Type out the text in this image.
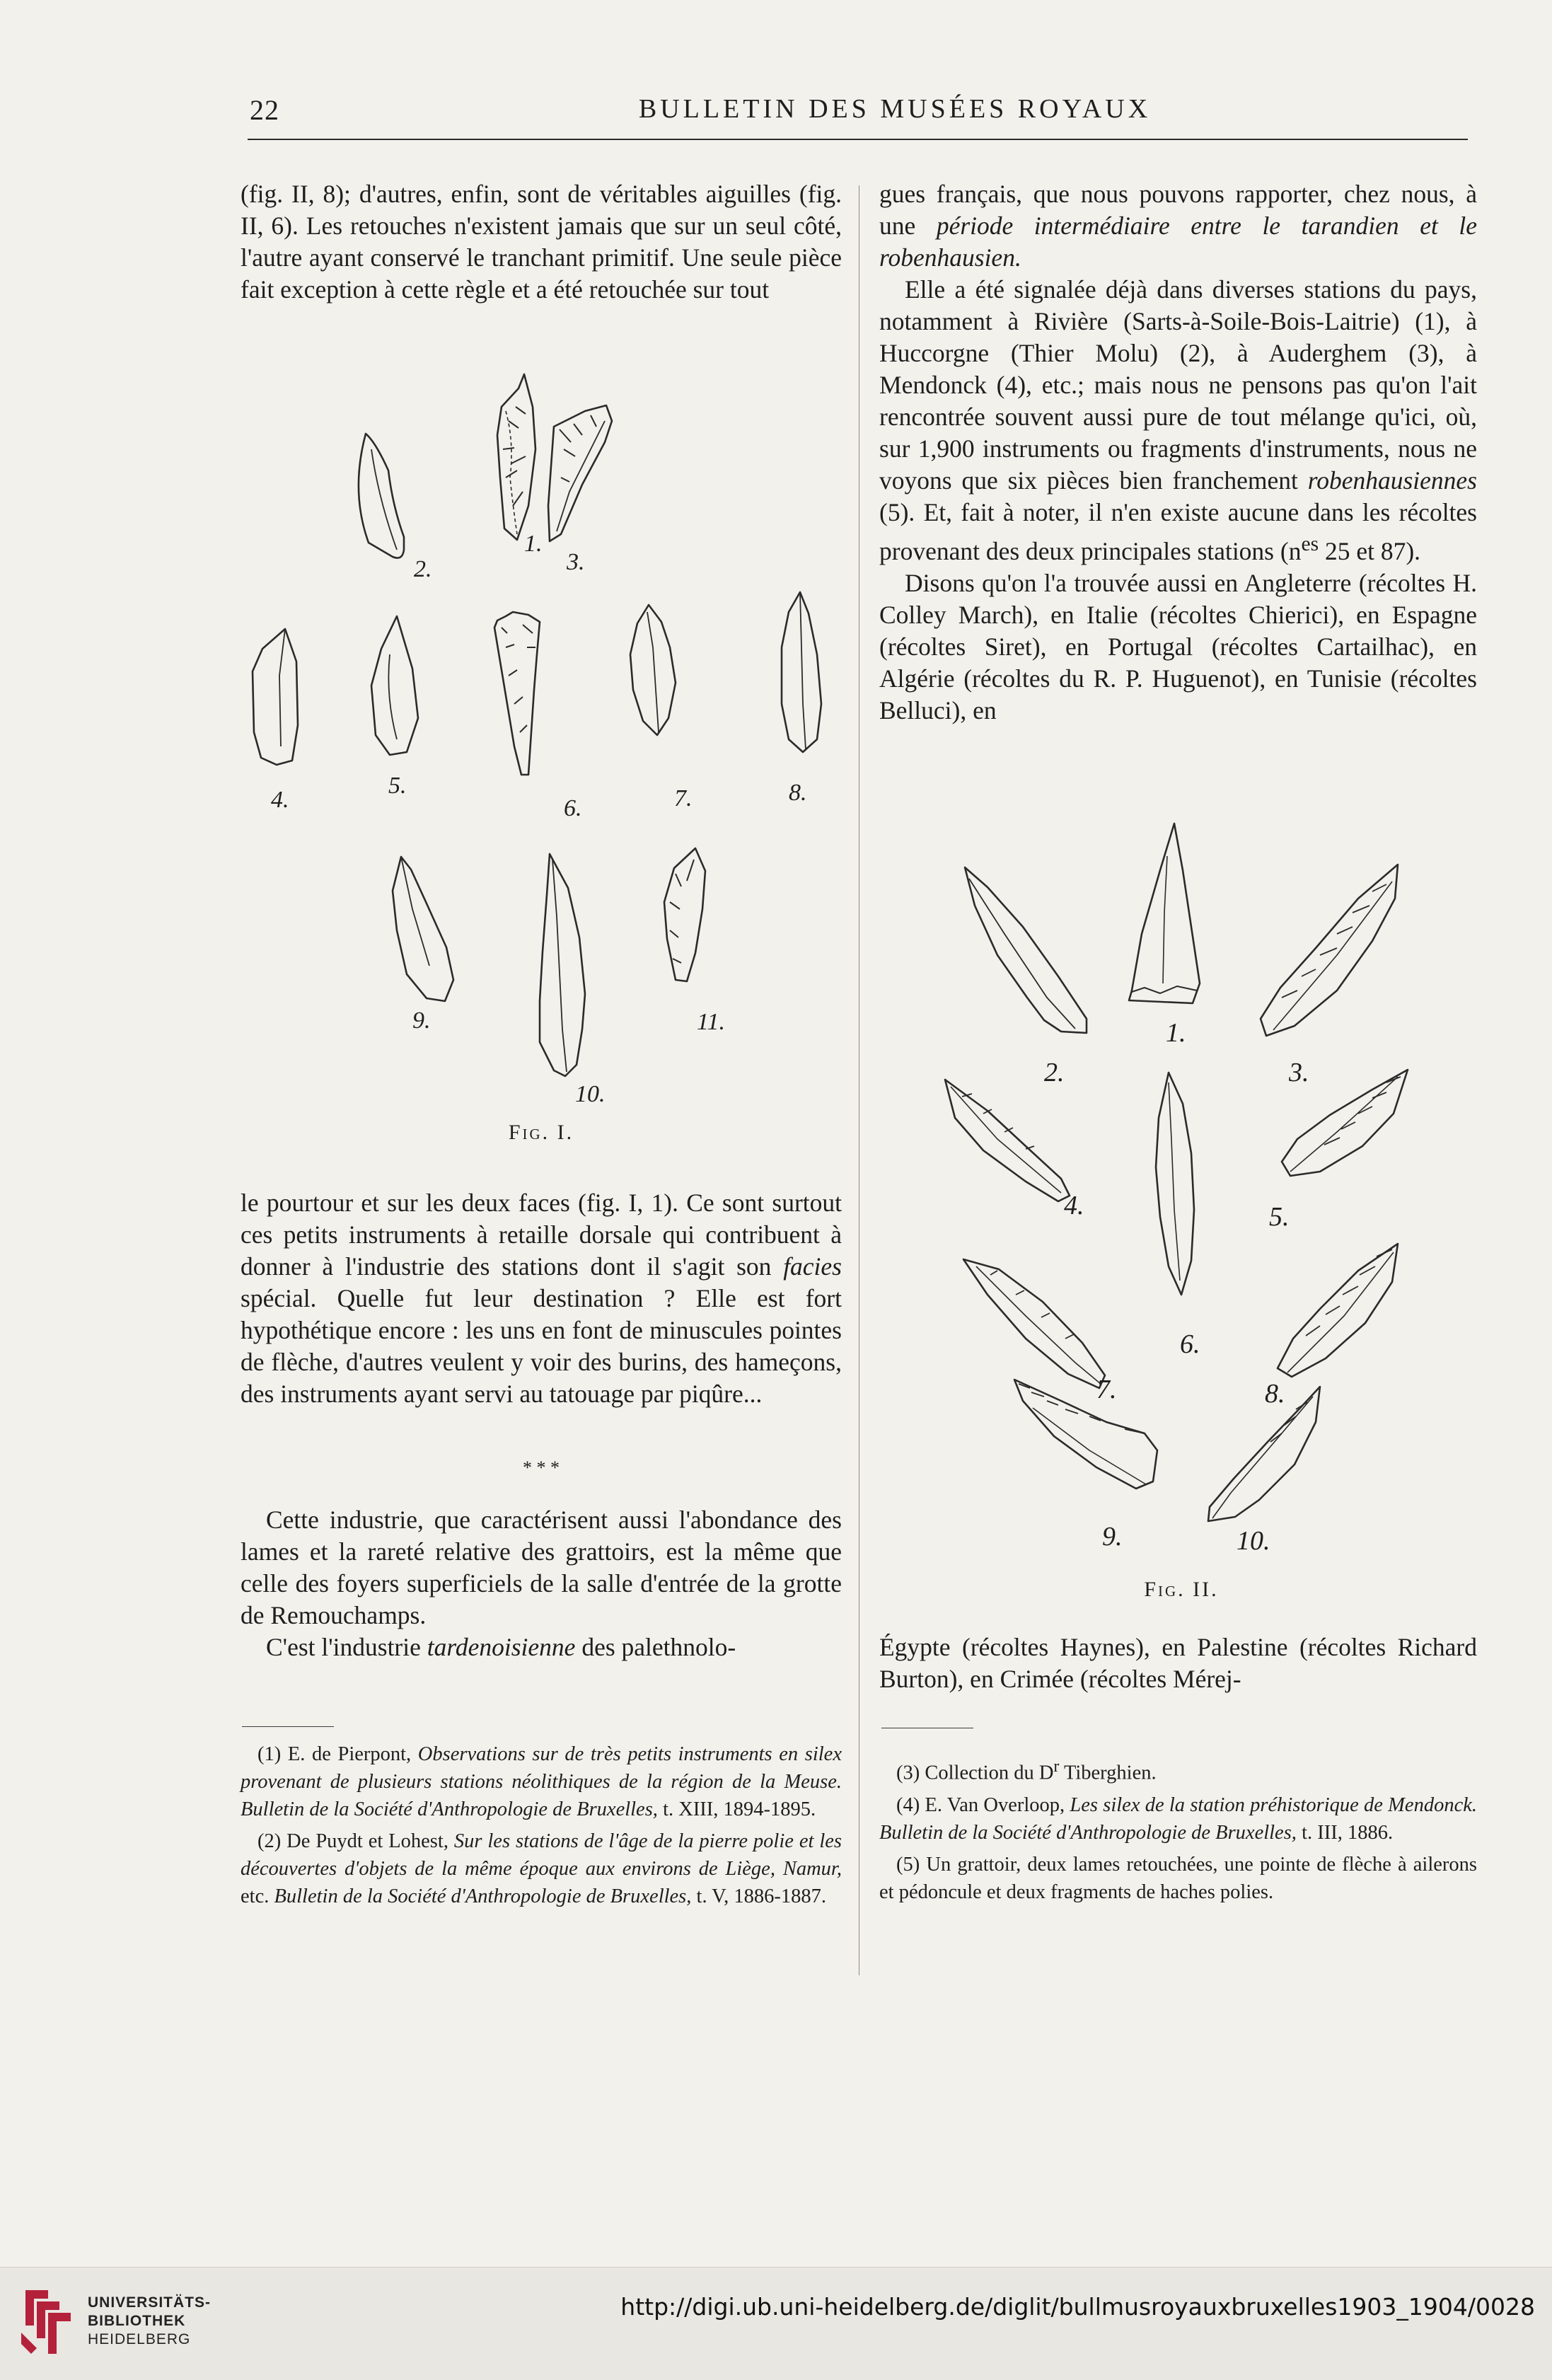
22	BULLETIN DES MUSÉES ROYAUX

(fig. II, 8); d'autres, enfin, sont de véritables aiguilles (fig. II, 6). Les retouches n'existent jamais que sur un seul côté, l'autre ayant conservé le tranchant primitif. Une seule pièce fait exception à cette règle et a été retouchée sur tout

1.
2.	3.
4.
5.
6.	7.	8.
9.
10.
11.
Fig. I.

le pourtour et sur les deux faces (fig. I, 1). Ce sont surtout ces petits instruments à retaille dorsale qui contribuent à donner à l'industrie des stations dont il s'agit son facies spécial. Quelle fut leur destination ? Elle est fort hypothétique encore : les uns en font de minuscules pointes de flèche, d'autres veulent y voir des burins, des hameçons, des instruments ayant servi au tatouage par piqûre...

* * *

Cette industrie, que caractérisent aussi l'abondance des lames et la rareté relative des grattoirs, est la même que celle des foyers superficiels de la salle d'entrée de la grotte de Remouchamps.

C'est l'industrie tardenoisienne des palethnolo-

(1) E. de Pierpont, Observations sur de très petits instruments en silex provenant de plusieurs stations néolithiques de la région de la Meuse. Bulletin de la Société d'Anthropologie de Bruxelles, t. XIII, 1894-1895.

(2) De Puydt et Lohest, Sur les stations de l'âge de la pierre polie et les découvertes d'objets de la même époque aux environs de Liège, Namur, etc. Bulletin de la Société d'Anthropologie de Bruxelles, t. V, 1886-1887.

gues français, que nous pouvons rapporter, chez nous, à une période intermédiaire entre le tarandien et le robenhausien.

Elle a été signalée déjà dans diverses stations du pays, notamment à Rivière (Sarts-à-Soile-Bois-Laitrie) (1), à Huccorgne (Thier Molu) (2), à Auderghem (3), à Mendonck (4), etc.; mais nous ne pensons pas qu'on l'ait rencontrée souvent aussi pure de tout mélange qu'ici, où, sur 1,900 instruments ou fragments d'instruments, nous ne voyons que six pièces bien franchement robenhausiennes (5). Et, fait à noter, il n'en existe aucune dans les récoltes provenant des deux principales stations ($n^{es}$ 25 et 87).

Disons qu'on l'a trouvée aussi en Angleterre (récoltes H. Colley March), en Italie (récoltes Chierici), en Espagne (récoltes Siret), en Portugal (récoltes Cartailhac), en Algérie (récoltes du R. P. Huguenot), en Tunisie (récoltes Belluci), en

1.
2.	3.
4.	5.
6.
7.	8.
9.	10.
Fig. II.

Égypte (récoltes Haynes), en Palestine (récoltes Richard Burton), en Crimée (récoltes Mérej-

(3) Collection du $D^r$ Tiberghien.

(4) E. Van Overloop, Les silex de la station préhistorique de Mendonck. Bulletin de la Société d'Anthropologie de Bruxelles, t. III, 1886.

(5) Un grattoir, deux lames retouchées, une pointe de flèche à ailerons et pédoncule et deux fragments de haches polies.

UNIVERSITÄTS-
BIBLIOTHEK
HEIDELBERG
http://digi.ub.uni-heidelberg.de/diglit/bullmusroyauxbruxelles1903_1904/0028
